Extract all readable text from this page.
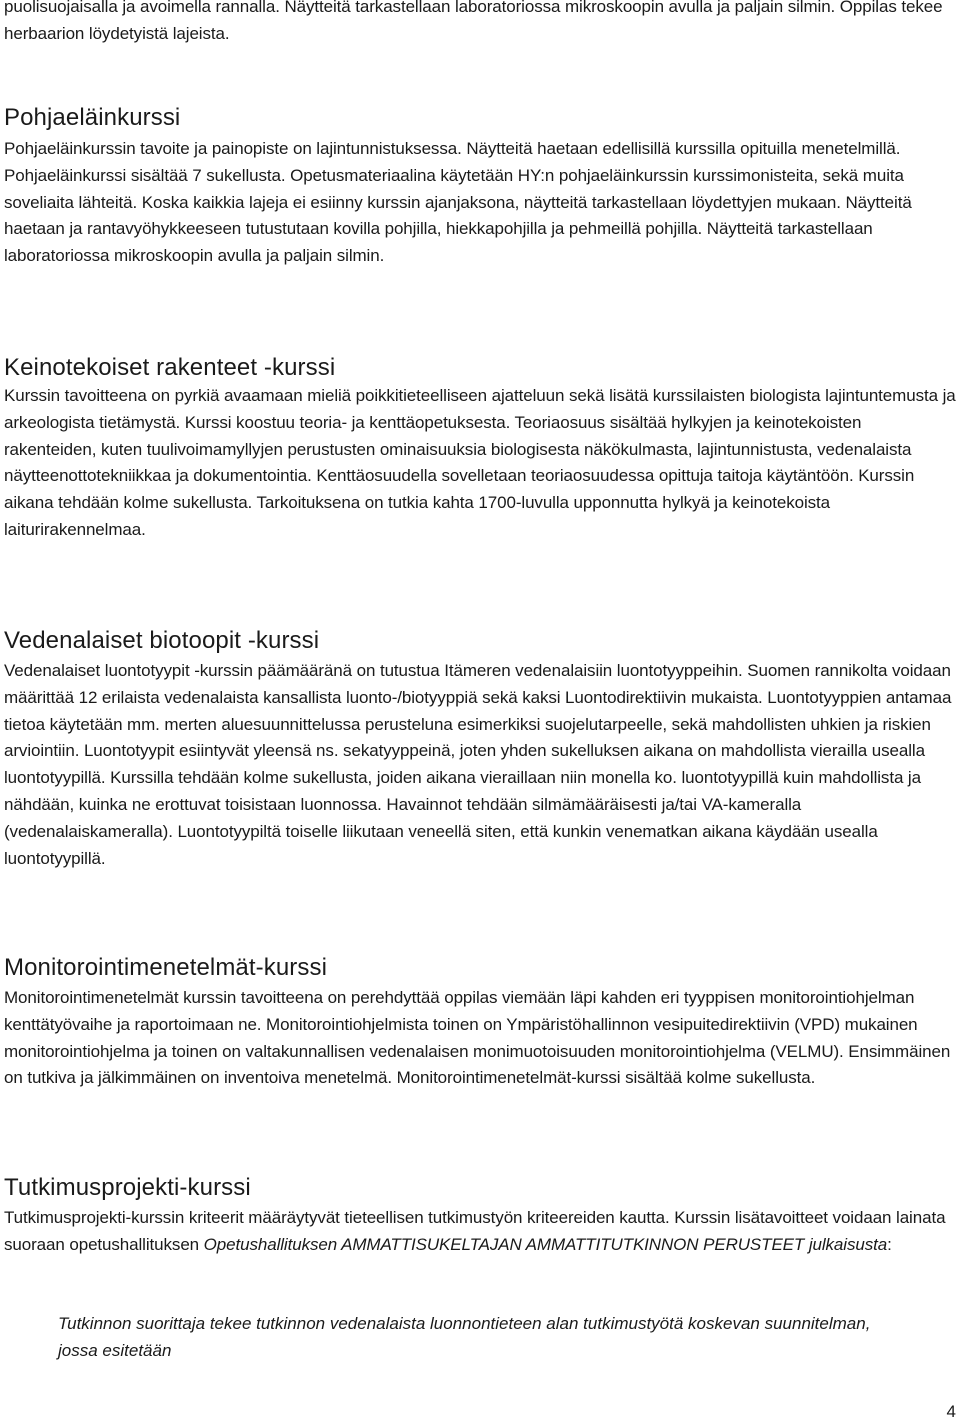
puolisuojaisalla ja avoimella rannalla. Näytteitä tarkastellaan laboratoriossa mikroskoopin avulla ja paljain silmin. Oppilas tekee herbaarion löydetyistä lajeista.

Pohjaeläinkurssi

Pohjaeläinkurssin tavoite ja painopiste on lajintunnistuksessa. Näytteitä haetaan edellisillä kurssilla opituilla menetelmillä. Pohjaeläinkurssi sisältää 7 sukellusta. Opetusmateriaalina käytetään HY:n pohjaeläinkurssin kurssimonisteita, sekä muita soveliaita lähteitä. Koska kaikkia lajeja ei esiinny kurssin ajanjaksona, näytteitä tarkastellaan löydettyjen mukaan. Näytteitä haetaan ja rantavyöhykkeeseen tutustutaan kovilla pohjilla, hiekkapohjilla ja pehmeillä pohjilla. Näytteitä tarkastellaan laboratoriossa mikroskoopin avulla ja paljain silmin.

Keinotekoiset rakenteet -kurssi

Kurssin tavoitteena on pyrkiä avaamaan mieliä poikkitieteelliseen ajatteluun sekä lisätä kurssilaisten biologista lajintuntemusta ja arkeologista tietämystä. Kurssi koostuu teoria- ja kenttäopetuksesta. Teoriaosuus sisältää hylkyjen ja keinotekoisten rakenteiden, kuten tuulivoimamyllyjen perustusten ominaisuuksia biologisesta näkökulmasta, lajintunnistusta, vedenalaista näytteenottotekniikkaa ja dokumentointia. Kenttäosuudella sovelletaan teoriaosuudessa opittuja taitoja käytäntöön. Kurssin aikana tehdään kolme sukellusta. Tarkoituksena on tutkia kahta 1700-luvulla upponnutta hylkyä ja keinotekoista laiturirakennelmaa.

Vedenalaiset biotoopit -kurssi

Vedenalaiset luontotyypit -kurssin päämääränä on tutustua Itämeren vedenalaisiin luontotyyppeihin. Suomen rannikolta voidaan määrittää 12 erilaista vedenalaista kansallista luonto-/biotyyppiä sekä kaksi Luontodirektiivin mukaista. Luontotyyppien antamaa tietoa käytetään mm. merten aluesuunnittelussa perusteluna esimerkiksi suojelutarpeelle, sekä mahdollisten uhkien ja riskien arviointiin. Luontotyypit esiintyvät yleensä ns. sekatyyppeinä, joten yhden sukelluksen aikana on mahdollista vierailla usealla luontotyypillä. Kurssilla tehdään kolme sukellusta, joiden aikana vieraillaan niin monella ko. luontotyypillä kuin mahdollista ja nähdään, kuinka ne erottuvat toisistaan luonnossa. Havainnot tehdään silmämääräisesti ja/tai VA-kameralla (vedenalaiskameralla). Luontotyypiltä toiselle liikutaan veneellä siten, että kunkin venematkan aikana käydään usealla luontotyypillä.

Monitorointimenetelmät-kurssi

Monitorointimenetelmät kurssin tavoitteena on perehdyttää oppilas viemään läpi kahden eri tyyppisen monitorointiohjelman kenttätyövaihe ja raportoimaan ne. Monitorointiohjelmista toinen on Ympäristöhallinnon vesipuitedirektiivin (VPD) mukainen monitorointiohjelma ja toinen on valtakunnallisen vedenalaisen monimuotoisuuden monitorointiohjelma (VELMU). Ensimmäinen on tutkiva ja jälkimmäinen on inventoiva menetelmä. Monitorointimenetelmät-kurssi sisältää kolme sukellusta.

Tutkimusprojekti-kurssi

Tutkimusprojekti-kurssin kriteerit määräytyvät tieteellisen tutkimustyön kriteereiden kautta. Kurssin lisätavoitteet voidaan lainata suoraan opetushallituksen Opetushallituksen AMMATTISUKELTAJAN AMMATTITUTKINNON PERUSTEET julkaisusta:

Tutkinnon suorittaja tekee tutkinnon vedenalaista luonnontieteen alan tutkimustyötä koskevan suunnitelman, jossa esitetään

4
